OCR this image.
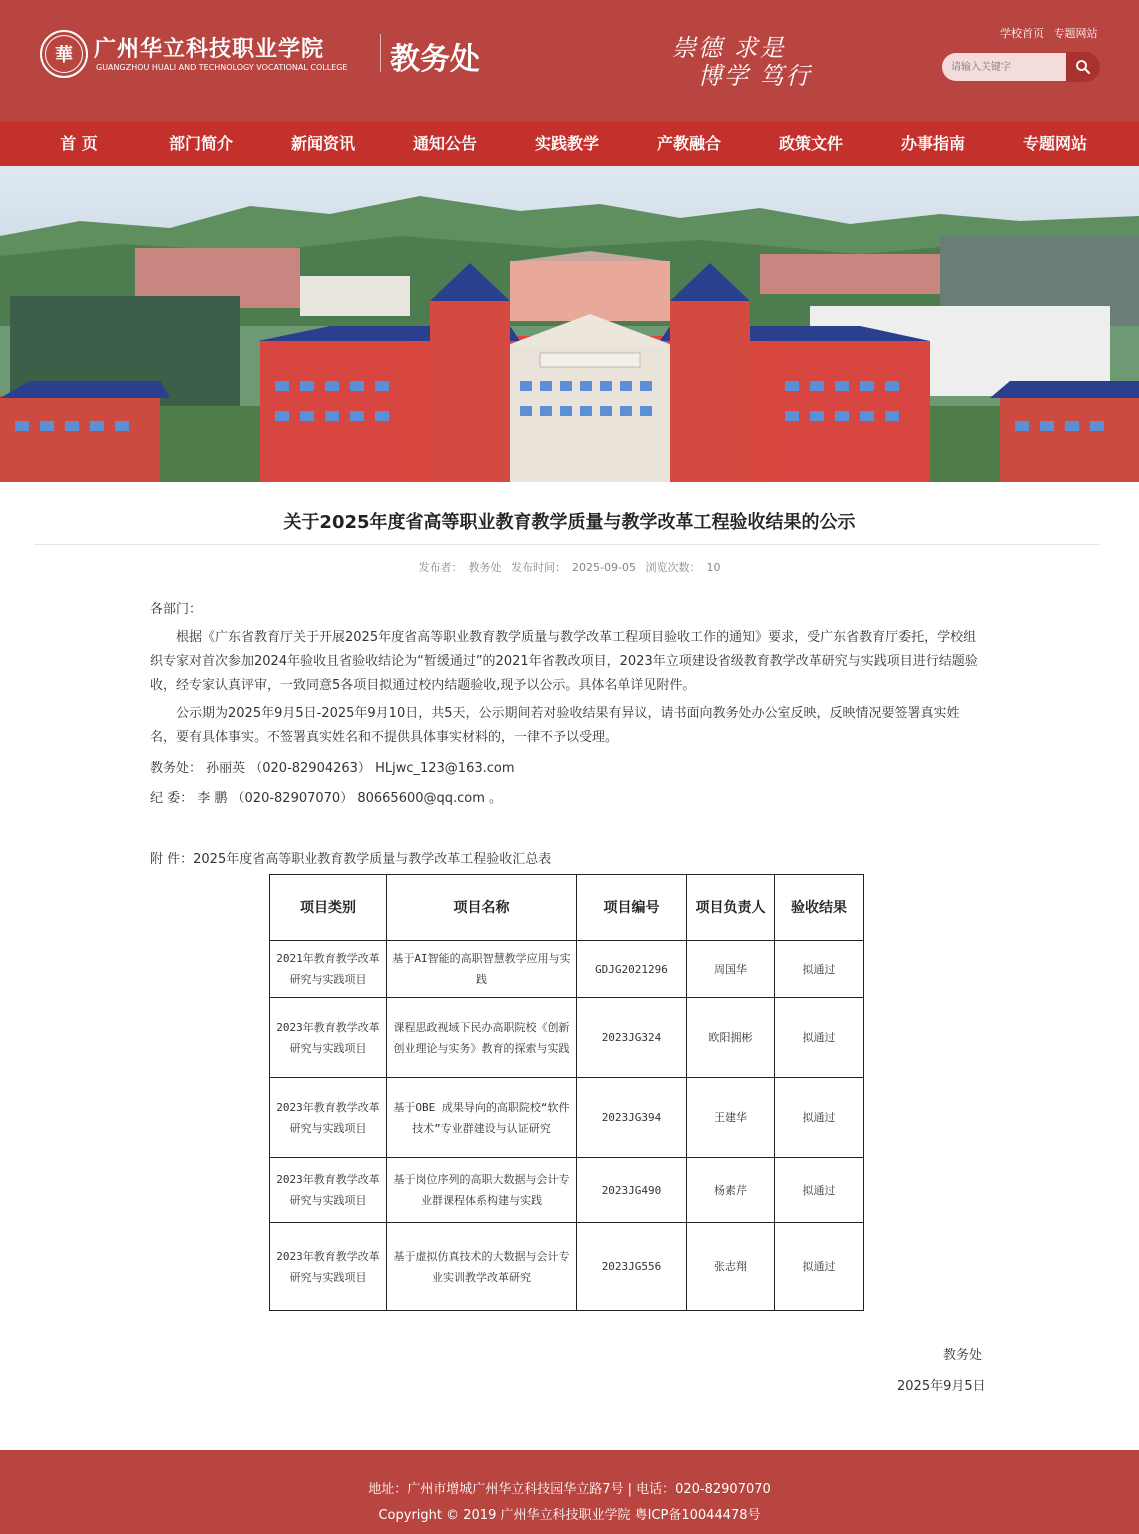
華 广州华立科技职业学院
GUANGZHOU HUALI AND TECHNOLOGY VOCATIONAL COLLEGE 教务处	崇德 求是
博学 笃行
学校首页 专题网站
请输入关键字
首 页	部门简介	新闻资讯	通知公告	实践教学	产教融合	政策文件	办事指南	专题网站
关于2025年度省高等职业教育教学质量与教学改革工程验收结果的公示
发布者： 教务处 发布时间： 2025-09-05 浏览次数： 10

各部门：

根据《广东省教育厅关于开展2025年度省高等职业教育教学质量与教学改革工程项目验收工作的通知》要求，受广东省教育厅委托，学校组织专家对首次参加2024年验收且省验收结论为“暂缓通过”的2021年省教改项目，2023年立项建设省级教育教学改革研究与实践项目进行结题验收，经专家认真评审，一致同意5各项目拟通过校内结题验收,现予以公示。具体名单详见附件。

公示期为2025年9月5日-2025年9月10日，共5天，公示期间若对验收结果有异议，请书面向教务处办公室反映，反映情况要签署真实姓名，要有具体事实。不签署真实姓名和不提供具体事实材料的，一律不予以受理。

教务处： 孙丽英 （020-82904263） HLjwc_123@163.com
纪 委： 李 鹏 （020-82907070） 80665600@qq.com 。
附 件：2025年度省高等职业教育教学质量与教学改革工程验收汇总表
项目类别	项目名称	项目编号	项目负责人	验收结果
2021年教育教学改革研究与实践项目	基于AI智能的高职智慧教学应用与实践	GDJG2021296	周国华	拟通过
2023年教育教学改革研究与实践项目	课程思政视域下民办高职院校《创新创业理论与实务》教育的探索与实践	2023JG324	欧阳拥彬	拟通过
2023年教育教学改革研究与实践项目	基于OBE 成果导向的高职院校“软件技术”专业群建设与认证研究	2023JG394	王建华	拟通过
2023年教育教学改革研究与实践项目	基于岗位序列的高职大数据与会计专业群课程体系构建与实践	2023JG490	杨素芹	拟通过
2023年教育教学改革研究与实践项目	基于虚拟仿真技术的大数据与会计专业实训教学改革研究	2023JG556	张志翔	拟通过
教务处
2025年9月5日
地址：广州市增城广州华立科技园华立路7号 | 电话：020-82907070
Copyright © 2019 广州华立科技职业学院 粤ICP备10044478号
